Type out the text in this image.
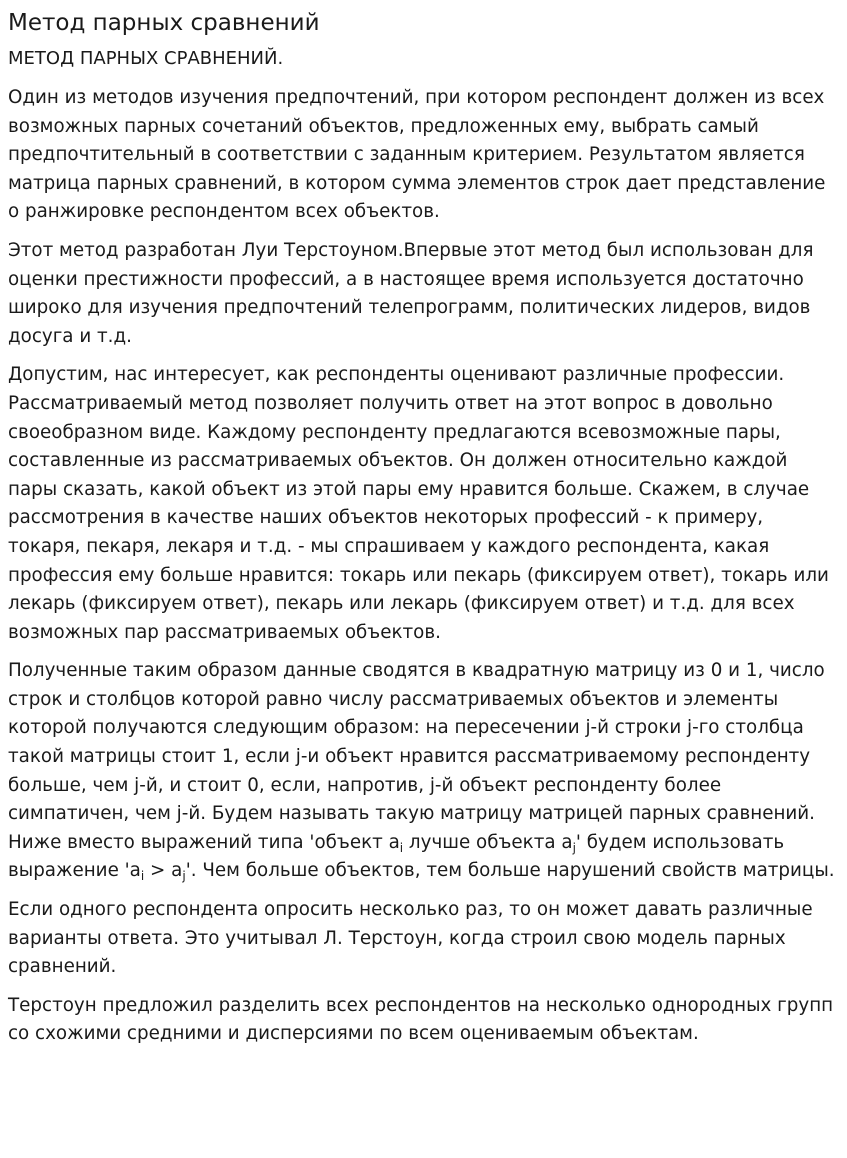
Метод парных сравнений

МЕТОД ПАРНЫХ СРАВНЕНИЙ.

Один из методов изучения предпочтений, при котором респондент должен из всех возможных парных сочетаний объектов, предложенных ему, выбрать самый предпочтительный в соответствии с заданным критерием. Результатом является матрица парных сравнений, в котором сумма элементов строк дает представление о ранжировке респондентом всех объектов.

Этот метод разработан Луи Терстоуном.Впервые этот метод был использован для оценки престижности профессий, а в настоящее время используется достаточно широко для изучения предпочтений телепрограмм, политических лидеров, видов досуга и т.д.

Допустим, нас интересует, как респонденты оценивают различные профессии. Рассматриваемый метод позволяет получить ответ на этот вопрос в довольно своеобразном виде. Каждому респонденту предлагаются всевозможные пары, составленные из рассматриваемых объектов. Он должен относительно каждой пары сказать, какой объект из этой пары ему нравится больше. Скажем, в случае рассмотрения в качестве наших объектов некоторых профессий - к примеру, токаря, пекаря, лекаря и т.д. - мы спрашиваем у каждого респондента, какая профессия ему больше нравится: токарь или пекарь (фиксируем ответ), токарь или лекарь (фиксируем ответ), пекарь или лекарь (фиксируем ответ) и т.д. для всех возможных пар рассматриваемых объектов.

Полученные таким образом данные сводятся в квадратную матрицу из 0 и 1, число строк и столбцов которой равно числу рассматриваемых объектов и элементы которой получаются следующим образом: на пересечении j-й строки j-го столбца такой матрицы стоит 1, если j-и объект нравится рассматриваемому респонденту больше, чем j-й, и стоит 0, если, напротив, j-й объект респонденту более симпатичен, чем j-й. Будем называть такую матрицу матрицей парных сравнений. Ниже вместо выражений типа 'объект $a_i$ лучше объекта $a_j'$ будем использовать выражение '$a_i > a_j$'. Чем больше объектов, тем больше нарушений свойств матрицы.

Если одного респондента опросить несколько раз, то он может давать различные варианты ответа. Это учитывал Л. Терстоун, когда строил свою модель парных сравнений.

Терстоун предложил разделить всех респондентов на несколько однородных групп со схожими средними и дисперсиями по всем оцениваемым объектам.
